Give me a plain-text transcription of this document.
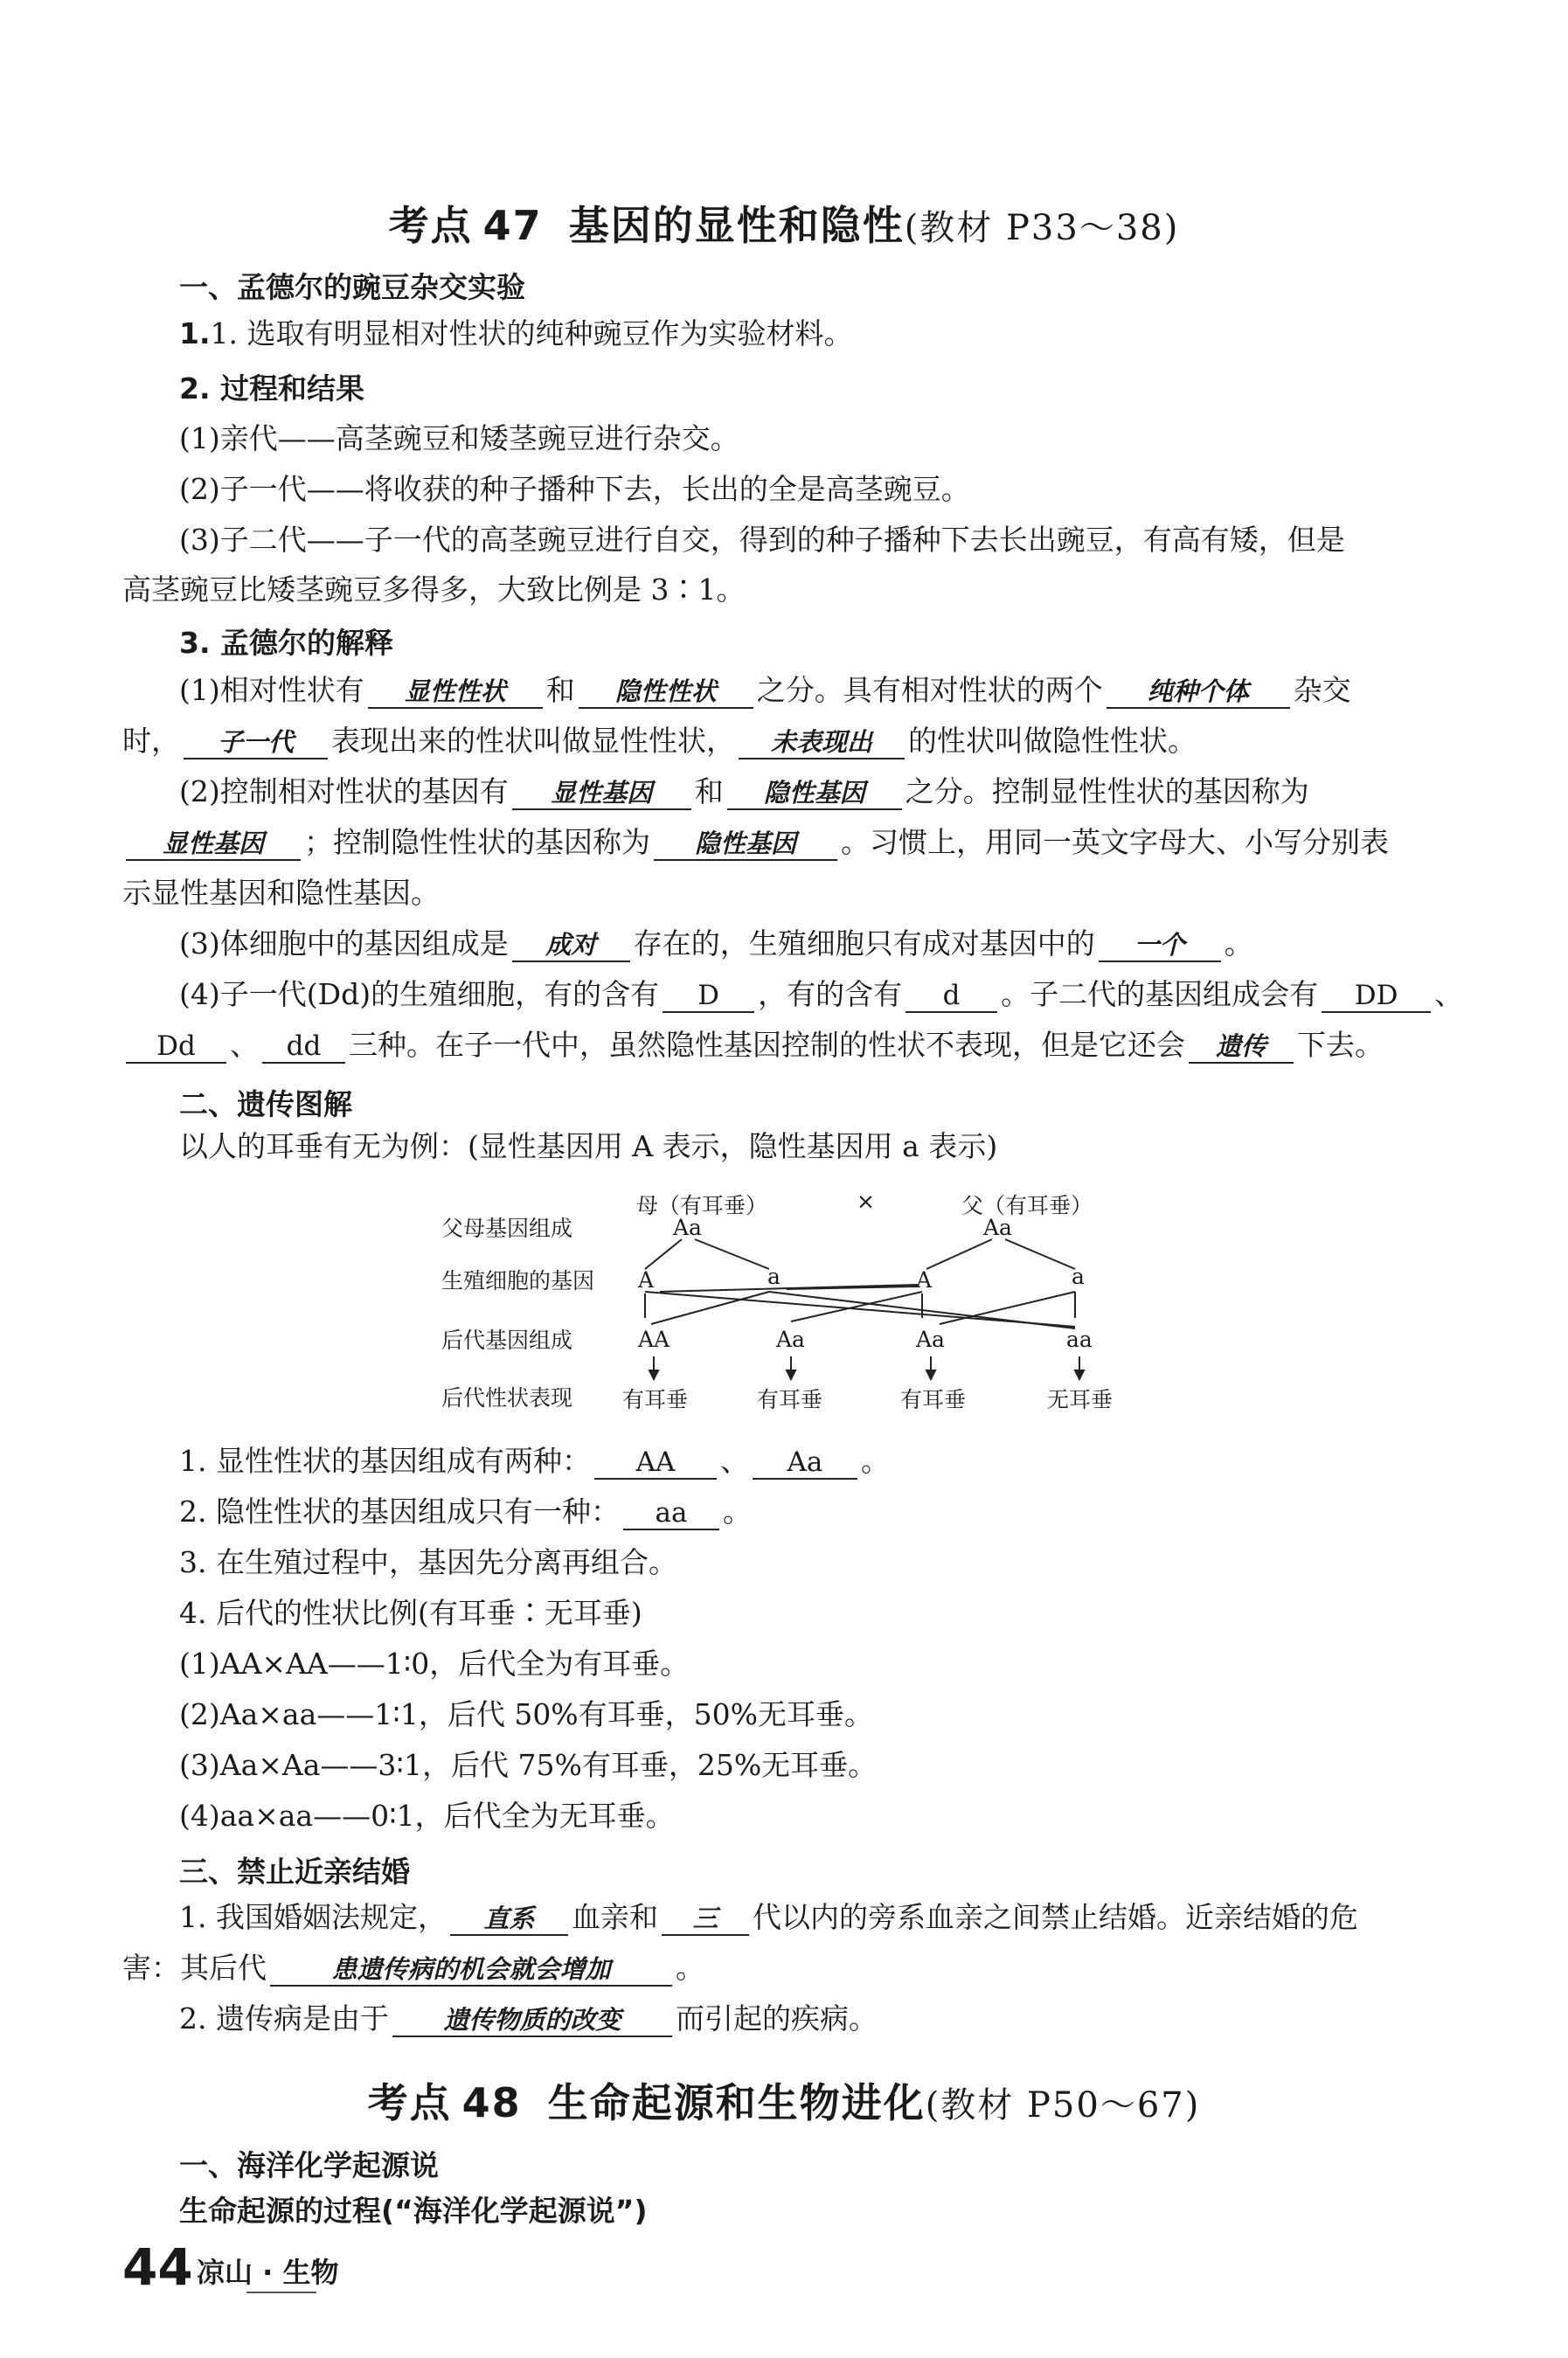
考点 47 基因的显性和隐性(教材 P33～38)
一、孟德尔的豌豆杂交实验
1.1. 选取有明显相对性状的纯种豌豆作为实验材料。
2. 过程和结果
(1)亲代——高茎豌豆和矮茎豌豆进行杂交。
(2)子一代——将收获的种子播种下去，长出的全是高茎豌豆。
(3)子二代——子一代的高茎豌豆进行自交，得到的种子播种下去长出豌豆，有高有矮，但是
高茎豌豆比矮茎豌豆多得多，大致比例是 3∶1。
3. 孟德尔的解释
(1)相对性状有 显性性状 和 隐性性状 之分。具有相对性状的两个 纯种个体 杂交
时， 子一代 表现出来的性状叫做显性性状， 未表现出 的性状叫做隐性性状。
(2)控制相对性状的基因有 显性基因 和 隐性基因 之分。控制显性性状的基因称为
显性基因 ；控制隐性性状的基因称为 隐性基因 。习惯上，用同一英文字母大、小写分别表
示显性基因和隐性基因。
(3)体细胞中的基因组成是 成对 存在的，生殖细胞只有成对基因中的 一个 。
(4)子一代(Dd)的生殖细胞，有的含有 D ，有的含有 d 。子二代的基因组成会有 DD 、
Dd 、 dd 三种。在子一代中，虽然隐性基因控制的性状不表现，但是它还会 遗传 下去。
二、遗传图解
以人的耳垂有无为例：(显性基因用 A 表示，隐性基因用 a 表示)
父母基因组成
生殖细胞的基因
后代基因组成
后代性状表现
母（有耳垂）	×	父（有耳垂）
Aa	Aa
A	a	A	a
AA	Aa	Aa	aa
有耳垂	有耳垂	有耳垂	无耳垂
1. 显性性状的基因组成有两种： AA 、 Aa 。
2. 隐性性状的基因组成只有一种： aa 。
3. 在生殖过程中，基因先分离再组合。
4. 后代的性状比例(有耳垂∶无耳垂)
(1)AA×AA——1∶0，后代全为有耳垂。
(2)Aa×aa——1∶1，后代 50%有耳垂，50%无耳垂。
(3)Aa×Aa——3∶1，后代 75%有耳垂，25%无耳垂。
(4)aa×aa——0∶1，后代全为无耳垂。
三、禁止近亲结婚
1. 我国婚姻法规定， 直系 血亲和 三 代以内的旁系血亲之间禁止结婚。近亲结婚的危
害：其后代	患遗传病的机会就会增加 。
2. 遗传病是由于 遗传物质的改变 而引起的疾病。
考点 48 生命起源和生物进化(教材 P50～67)
一、海洋化学起源说
生命起源的过程(“海洋化学起源说”)
44 凉山 · 生物
